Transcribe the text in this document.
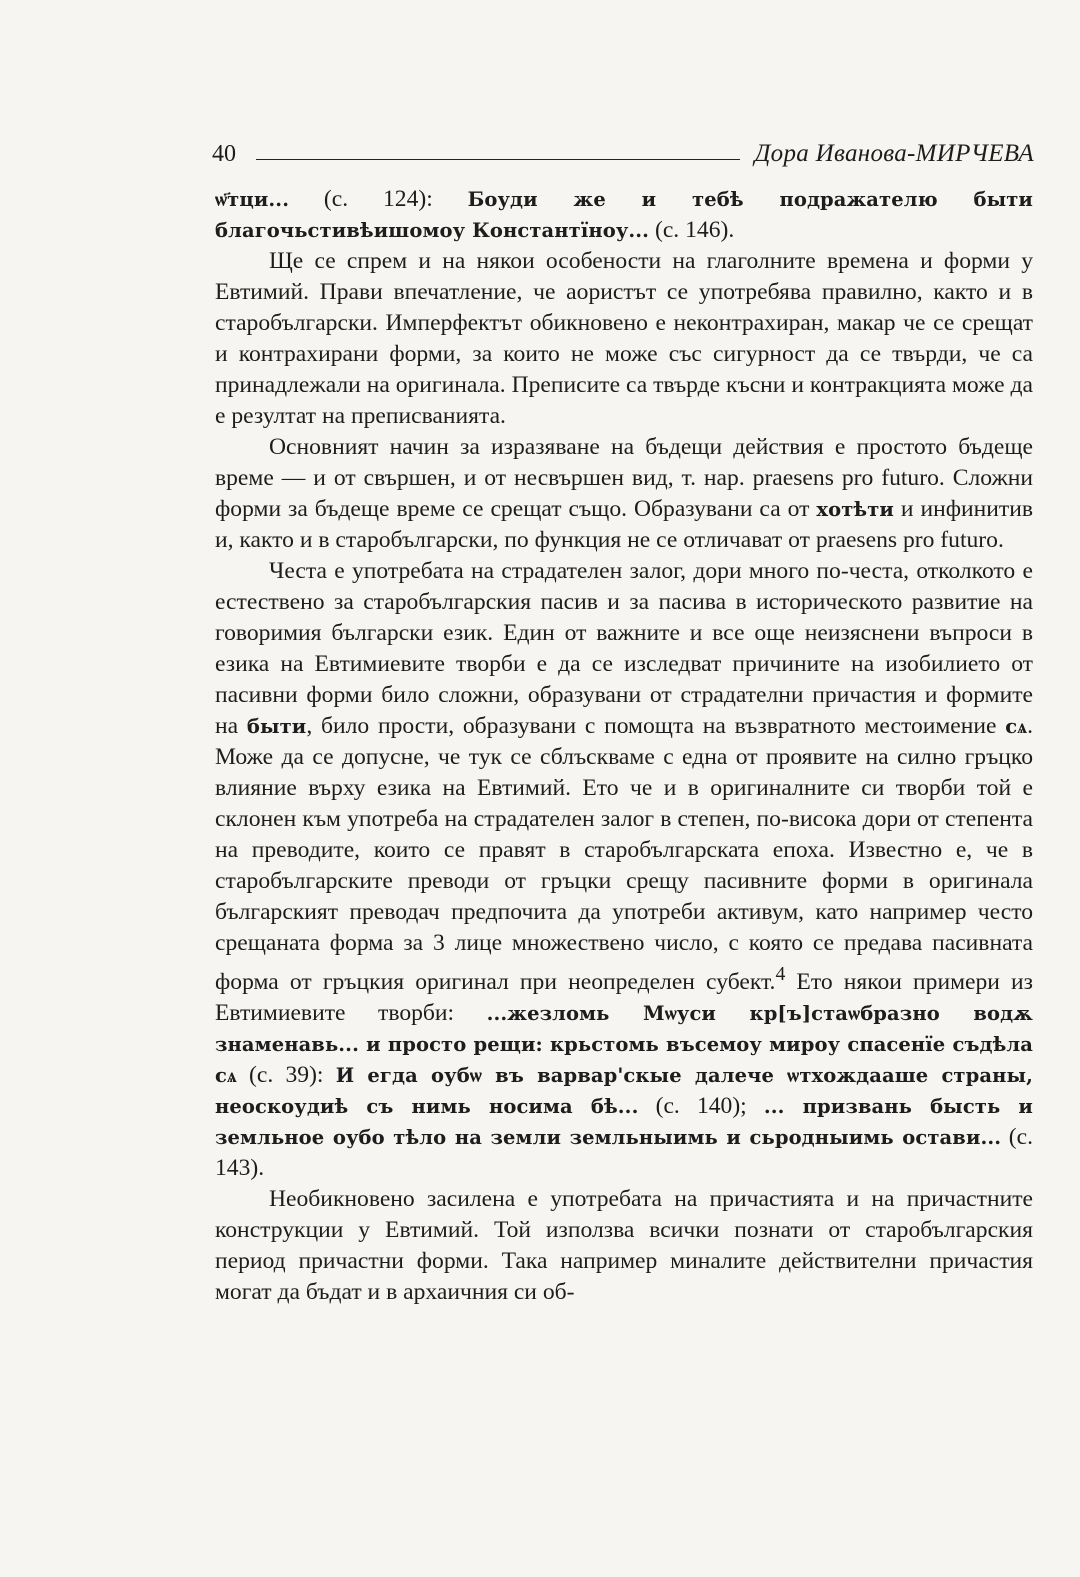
40	Дора Иванова-МИРЧЕВА

ѡ҃тци... (с. 124): Боуди же и тебѣ подражателю быти благочьстивѣишомоу Константїноу... (с. 146).

Ще се спрем и на някои особености на глаголните времена и форми у Евтимий. Прави впечатление, че аористът се употребява правилно, както и в старобългарски. Имперфектът обикновено е неконтрахиран, макар че се срещат и контрахирани форми, за които не може със сигурност да се твърди, че са принадлежали на оригинала. Преписите са твърде късни и контракцията може да е резултат на преписванията.

Основният начин за изразяване на бъдещи действия е простото бъдеще време — и от свършен, и от несвършен вид, т. нар. praesens pro futuro. Сложни форми за бъдеще време се срещат също. Образувани са от хотѣти и инфинитив и, както и в старобългарски, по функция не се отличават от praesens pro futuro.

Честа е употребата на страдателен залог, дори много по-честа, отколкото е естествено за старобългарския пасив и за пасива в историческото развитие на говоримия български език. Един от важните и все още неизяснени въпроси в езика на Евтимиевите творби е да се изследват причините на изобилието от пасивни форми било сложни, образувани от страдателни причастия и формите на быти, било прости, образувани с помощта на възвратното местоимение сѧ. Може да се допусне, че тук се сблъскваме с една от проявите на силно гръцко влияние върху езика на Евтимий. Ето че и в оригиналните си творби той е склонен към употреба на страдателен залог в степен, по-висока дори от степента на преводите, които се правят в старобългарската епоха. Известно е, че в старобългарските преводи от гръцки срещу пасивните форми в оригинала българският преводач предпочита да употреби активум, като например често срещаната форма за 3 лице множествено число, с която се предава пасивната форма от гръцкия оригинал при неопределен субект.$^4$ Ето някои примери из Евтимиевите творби: ...жезломь Мѡуси кр[ъ]стаѡбразно водѫ знаменавь... и просто рещи: крьстомь въсемоу мироу спасенїе съдѣла сѧ (с. 39): И егда оубѡ въ варвар'скые далече ѡтхождааше страны, неоскоудиѣ съ нимь носима бѣ... (с. 140); ... призвань бысть и земльное оубо тѣло на земли земльныимь и сьродныимь остави... (с. 143).

Необикновено засилена е употребата на причастията и на причастните конструкции у Евтимий. Той използва всички познати от старобългарския период причастни форми. Така например миналите действителни причастия могат да бъдат и в архаичния си об-
